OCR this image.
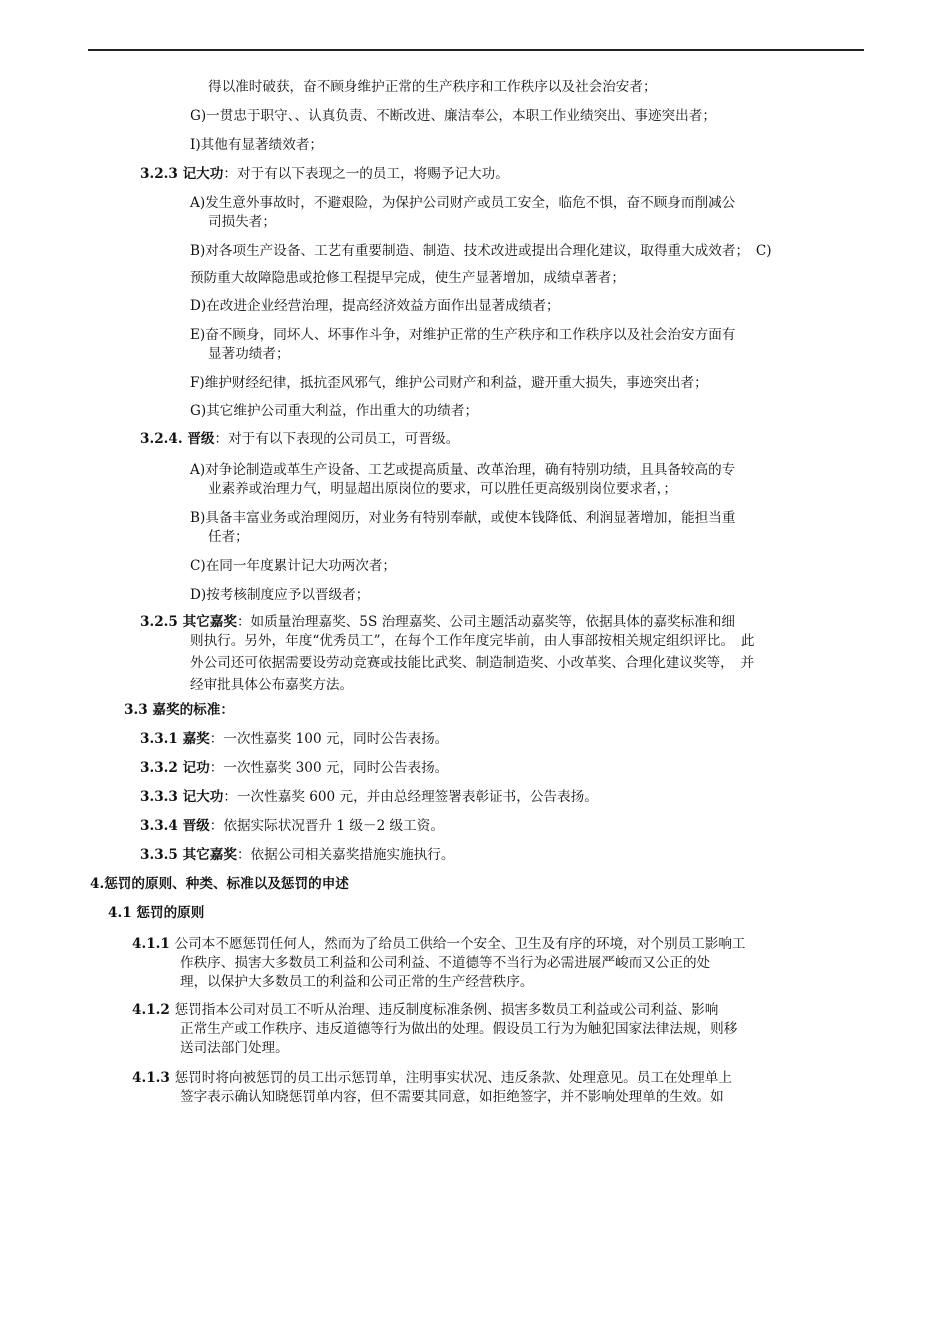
得以准时破获，奋不顾身维护正常的生产秩序和工作秩序以及社会治安者；
G)一贯忠于职守、、认真负责、不断改进、廉洁奉公，本职工作业绩突出、事迹突出者；
I)其他有显著绩效者；
3.2.3 记大功：对于有以下表现之一的员工，将赐予记大功。
A)发生意外事故时，不避艰险，为保护公司财产或员工安全，临危不惧，奋不顾身而削减公
司损失者；
B)对各项生产设备、工艺有重要制造、制造、技术改进或提出合理化建议，取得重大成效者；　C)
预防重大故障隐患或抢修工程提早完成，使生产显著增加，成绩卓著者；
D)在改进企业经营治理，提高经济效益方面作出显著成绩者；
E)奋不顾身，同坏人、坏事作斗争，对维护正常的生产秩序和工作秩序以及社会治安方面有
显著功绩者；
F)维护财经纪律，抵抗歪风邪气，维护公司财产和利益，避开重大损失，事迹突出者；
G)其它维护公司重大利益，作出重大的功绩者；
3.2.4. 晋级：对于有以下表现的公司员工，可晋级。
A)对争论制造或革生产设备、工艺或提高质量、改革治理，确有特别功绩，且具备较高的专
业素养或治理力气，明显超出原岗位的要求，可以胜任更高级别岗位要求者，；
B)具备丰富业务或治理阅历，对业务有特别奉献，或使本钱降低、利润显著增加，能担当重
任者；
C)在同一年度累计记大功两次者；
D)按考核制度应予以晋级者；
3.2.5 其它嘉奖：如质量治理嘉奖、5S 治理嘉奖、公司主题活动嘉奖等，依据具体的嘉奖标准和细
则执行。另外，年度“优秀员工”，在每个工作年度完毕前，由人事部按相关规定组织评比。　此
外公司还可依据需要设劳动竞赛或技能比武奖、制造制造奖、小改革奖、合理化建议奖等，　并
经审批具体公布嘉奖方法。
3.3 嘉奖的标准：
3.3.1 嘉奖：一次性嘉奖 100 元，同时公告表扬。
3.3.2 记功：一次性嘉奖 300 元，同时公告表扬。
3.3.3 记大功：一次性嘉奖 600 元，并由总经理签署表彰证书，公告表扬。
3.3.4 晋级：依据实际状况晋升 1 级－2 级工资。
3.3.5 其它嘉奖：依据公司相关嘉奖措施实施执行。
4.惩罚的原则、种类、标准以及惩罚的申述
4.1 惩罚的原则
4.1.1 公司本不愿惩罚任何人，然而为了给员工供给一个安全、卫生及有序的环境，对个别员工影响工
作秩序、损害大多数员工利益和公司利益、不道德等不当行为必需进展严峻而又公正的处
理，以保护大多数员工的利益和公司正常的生产经营秩序。
4.1.2 惩罚指本公司对员工不听从治理、违反制度标准条例、损害多数员工利益或公司利益、影响
正常生产或工作秩序、违反道德等行为做出的处理。假设员工行为为触犯国家法律法规，则移
送司法部门处理。
4.1.3 惩罚时将向被惩罚的员工出示惩罚单，注明事实状况、违反条款、处理意见。员工在处理单上
签字表示确认知晓惩罚单内容，但不需要其同意，如拒绝签字，并不影响处理单的生效。如
